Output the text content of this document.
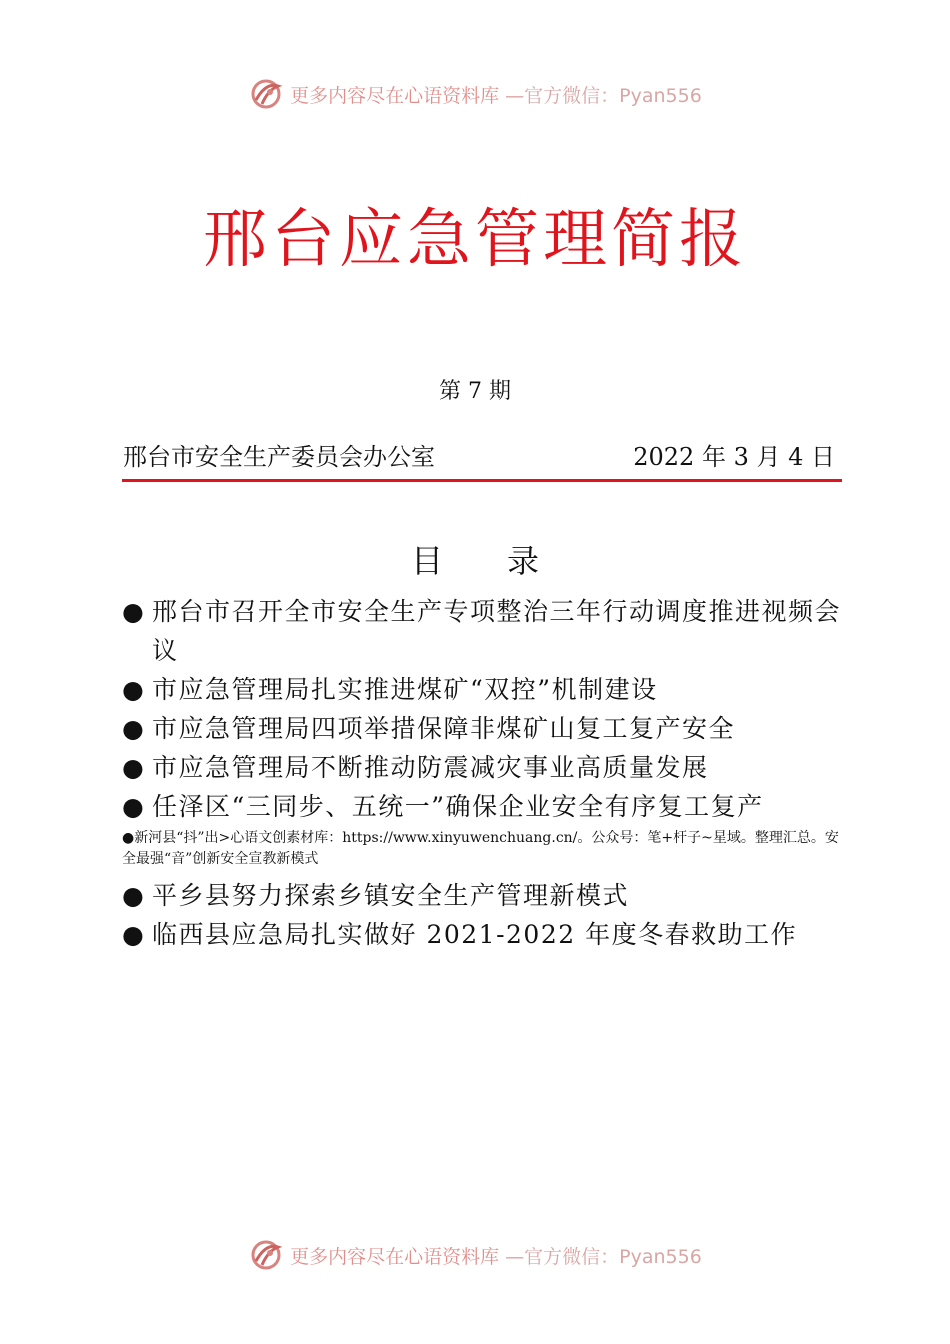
更多内容尽在心语资料库 —官方微信：Pyan556
邢台应急管理简报
第 7 期
邢台市安全生产委员会办公室	2022 年 3 月 4 日
目　　录
● 邢台市召开全市安全生产专项整治三年行动调度推进视频会议
● 市应急管理局扎实推进煤矿“双控”机制建设
● 市应急管理局四项举措保障非煤矿山复工复产安全
● 市应急管理局不断推动防震减灾事业高质量发展
● 任泽区“三同步、五统一”确保企业安全有序复工复产
●新河县“抖”出>心语文创素材库：https://www.xinyuwenchuang.cn/。公众号：笔+杆子~星域。整理汇总。安全最强“音”创新安全宣教新模式
● 平乡县努力探索乡镇安全生产管理新模式
● 临西县应急局扎实做好 2021-2022 年度冬春救助工作
更多内容尽在心语资料库 —官方微信：Pyan556
